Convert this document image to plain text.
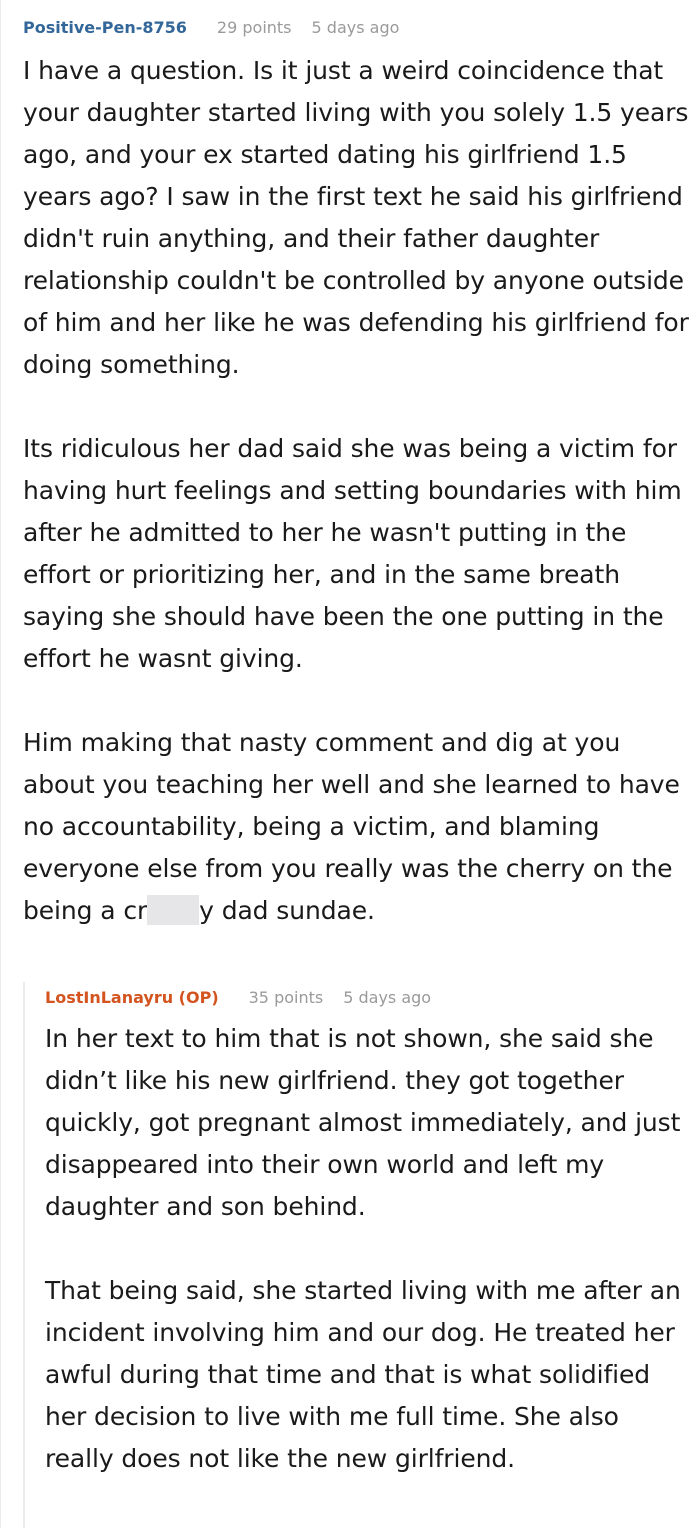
Positive-Pen-8756 29 points 5 days ago

I have a question. Is it just a weird coincidence that your daughter started living with you solely 1.5 years ago, and your ex started dating his girlfriend 1.5 years ago? I saw in the first text he said his girlfriend didn't ruin anything, and their father daughter relationship couldn't be controlled by anyone outside of him and her like he was defending his girlfriend for doing something.

Its ridiculous her dad said she was being a victim for having hurt feelings and setting boundaries with him after he admitted to her he wasn't putting in the effort or prioritizing her, and in the same breath saying she should have been the one putting in the effort he wasnt giving.

Him making that nasty comment and dig at you about you teaching her well and she learned to have no accountability, being a victim, and blaming everyone else from you really was the cherry on the being a cr y dad sundae.

LostInLanayru (OP) 35 points 5 days ago

In her text to him that is not shown, she said she didn’t like his new girlfriend. they got together quickly, got pregnant almost immediately, and just disappeared into their own world and left my daughter and son behind.

That being said, she started living with me after an incident involving him and our dog. He treated her awful during that time and that is what solidified her decision to live with me full time. She also really does not like the new girlfriend.
